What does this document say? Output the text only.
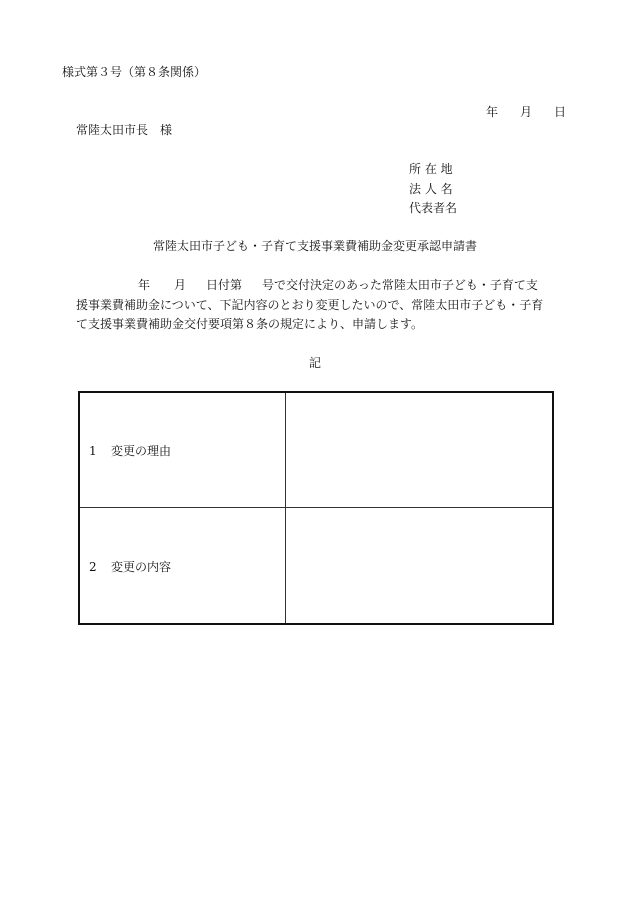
様式第３号（第８条関係）
年 月 日
常陸太田市長 様
所 在 地
法 人 名
代表者名
常陸太田市子ども・子育て支援事業費補助金変更承認申請書
年 月 日付第 号で交付決定のあった常陸太田市子ども・子育て支
援事業費補助金について、下記内容のとおり変更したいので、常陸太田市子ども・子育
て支援事業費補助金交付要項第８条の規定により、申請します。
記
1 変更の理由
2 変更の内容
